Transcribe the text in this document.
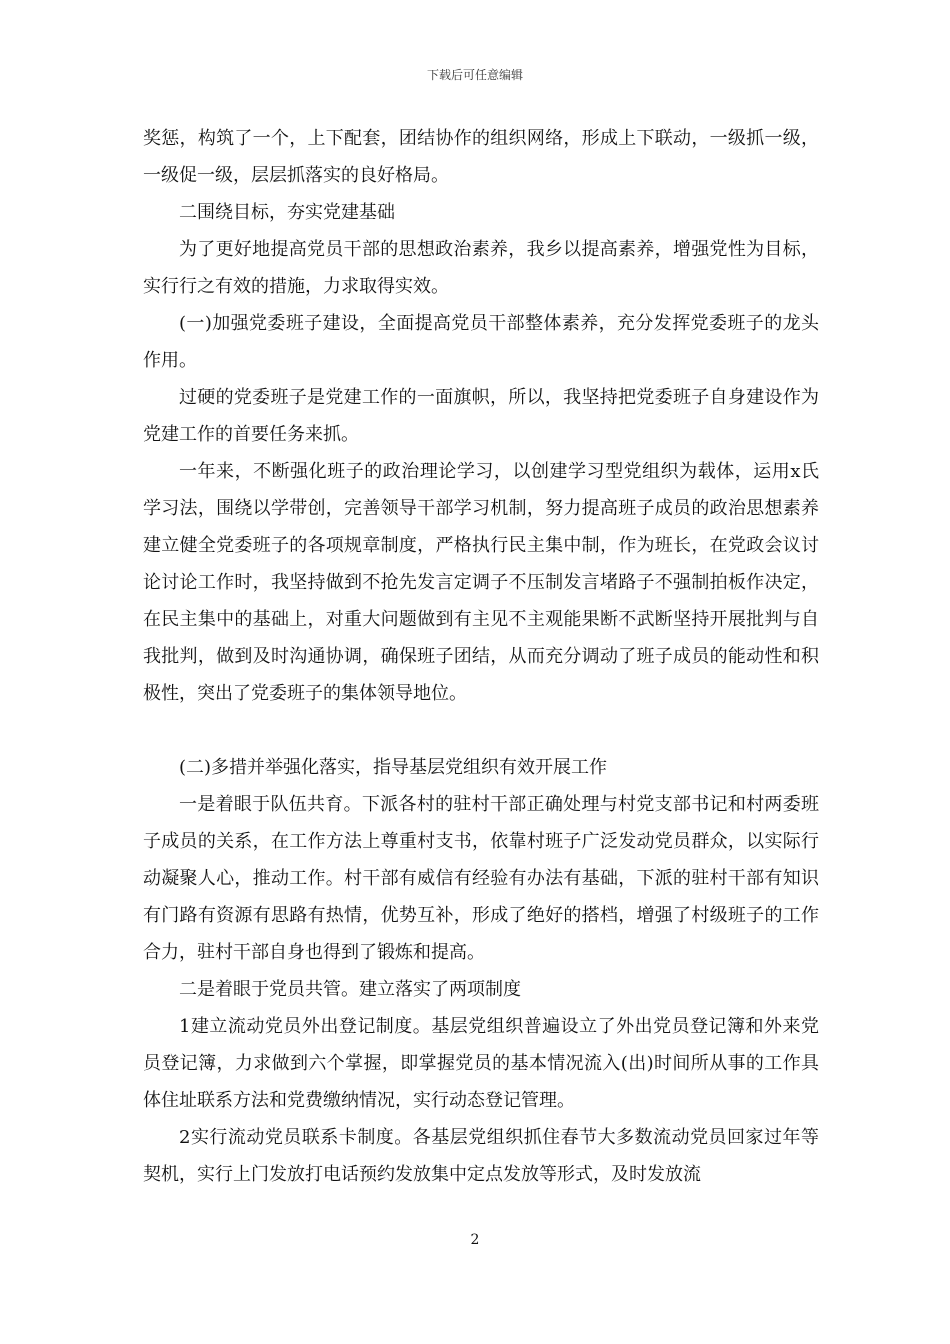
下载后可任意编辑

奖惩，构筑了一个，上下配套，团结协作的组织网络，形成上下联动，一级抓一级，一级促一级，层层抓落实的良好格局。

二围绕目标，夯实党建基础

为了更好地提高党员干部的思想政治素养，我乡以提高素养，增强党性为目标，实行行之有效的措施，力求取得实效。

(一)加强党委班子建设，全面提高党员干部整体素养，充分发挥党委班子的龙头作用。

过硬的党委班子是党建工作的一面旗帜，所以，我坚持把党委班子自身建设作为党建工作的首要任务来抓。

一年来，不断强化班子的政治理论学习，以创建学习型党组织为载体，运用x氏学习法，围绕以学带创，完善领导干部学习机制，努力提高班子成员的政治思想素养建立健全党委班子的各项规章制度，严格执行民主集中制，作为班长，在党政会议讨论讨论工作时，我坚持做到不抢先发言定调子不压制发言堵路子不强制拍板作决定，在民主集中的基础上，对重大问题做到有主见不主观能果断不武断坚持开展批判与自我批判，做到及时沟通协调，确保班子团结，从而充分调动了班子成员的能动性和积极性，突出了党委班子的集体领导地位。

(二)多措并举强化落实，指导基层党组织有效开展工作

一是着眼于队伍共育。下派各村的驻村干部正确处理与村党支部书记和村两委班子成员的关系，在工作方法上尊重村支书，依靠村班子广泛发动党员群众，以实际行动凝聚人心，推动工作。村干部有威信有经验有办法有基础，下派的驻村干部有知识有门路有资源有思路有热情，优势互补，形成了绝好的搭档，增强了村级班子的工作合力，驻村干部自身也得到了锻炼和提高。

二是着眼于党员共管。建立落实了两项制度

1建立流动党员外出登记制度。基层党组织普遍设立了外出党员登记簿和外来党员登记簿，力求做到六个掌握，即掌握党员的基本情况流入(出)时间所从事的工作具体住址联系方法和党费缴纳情况，实行动态登记管理。

2实行流动党员联系卡制度。各基层党组织抓住春节大多数流动党员回家过年等契机，实行上门发放打电话预约发放集中定点发放等形式，及时发放流

2
